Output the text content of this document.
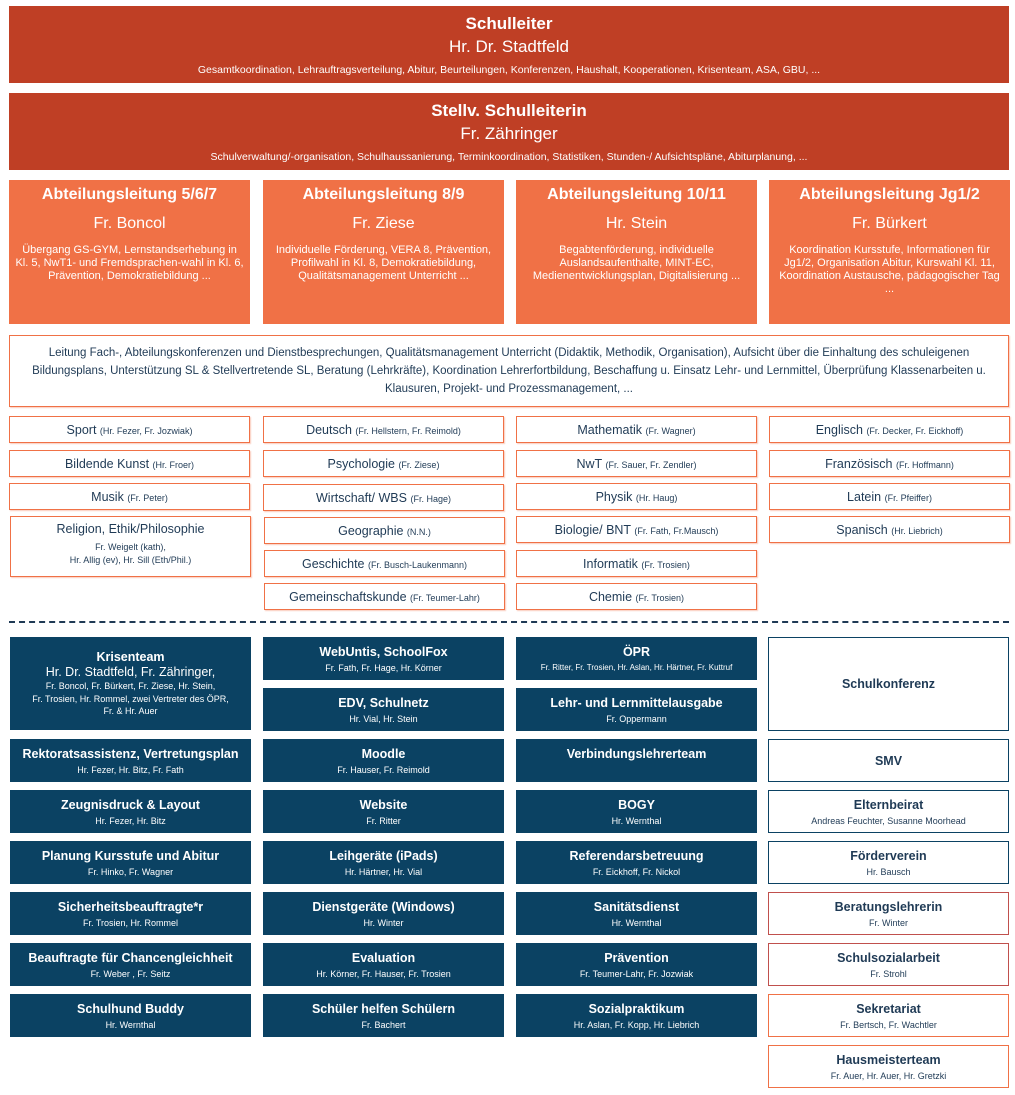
Schulleiter
Hr. Dr. Stadtfeld
Gesamtkoordination, Lehrauftragsverteilung, Abitur, Beurteilungen, Konferenzen, Haushalt, Kooperationen, Krisenteam, ASA, GBU, ...
Stellv. Schulleiterin
Fr. Zähringer
Schulverwaltung/-organisation, Schulhaussanierung, Terminkoordination, Statistiken, Stunden-/ Aufsichtspläne, Abiturplanung, ...
Abteilungsleitung 5/6/7
Fr. Boncol
Übergang GS-GYM, Lernstandserhebung in Kl. 5, NwT1- und Fremdsprachen-wahl in Kl. 6, Prävention, Demokratiebildung ...
Abteilungsleitung 8/9
Fr. Ziese
Individuelle Förderung, VERA 8, Prävention, Profilwahl in Kl. 8, Demokratiebildung, Qualitätsmanagement Unterricht ...
Abteilungsleitung 10/11
Hr. Stein
Begabtenförderung, individuelle Auslandsaufenthalte, MINT-EC, Medienentwicklungsplan, Digitalisierung ...
Abteilungsleitung Jg1/2
Fr. Bürkert
Koordination Kursstufe, Informationen für Jg1/2, Organisation Abitur, Kurswahl Kl. 11, Koordination Austausche, pädagogischer Tag ...
Leitung Fach-, Abteilungskonferenzen und Dienstbesprechungen, Qualitätsmanagement Unterricht (Didaktik, Methodik, Organisation), Aufsicht über die Einhaltung des schuleigenen Bildungsplans, Unterstützung SL & Stellvertretende SL, Beratung (Lehrkräfte), Koordination Lehrerfortbildung, Beschaffung u. Einsatz Lehr- und Lernmittel, Überprüfung Klassenarbeiten u. Klausuren, Projekt- und Prozessmanagement, ...
Sport (Hr. Fezer, Fr. Jozwiak)
Bildende Kunst (Hr. Froer)
Musik (Fr. Peter)
Religion, Ethik/Philosophie
Fr. Weigelt (kath),
Hr. Allig (ev), Hr. Sill (Eth/Phil.)
Deutsch (Fr. Hellstern, Fr. Reimold)
Psychologie (Fr. Ziese)
Wirtschaft/ WBS (Fr. Hage)
Geographie (N.N.)
Geschichte (Fr. Busch-Laukenmann)
Gemeinschaftskunde (Fr. Teumer-Lahr)
Mathematik (Fr. Wagner)
NwT (Fr. Sauer, Fr. Zendler)
Physik (Hr. Haug)
Biologie/ BNT (Fr. Fath, Fr.Mausch)
Informatik (Fr. Trosien)
Chemie (Fr. Trosien)
Englisch (Fr. Decker, Fr. Eickhoff)
Französisch (Fr. Hoffmann)
Latein (Fr. Pfeiffer)
Spanisch (Hr. Liebrich)
Krisenteam
Hr. Dr. Stadtfeld, Fr. Zähringer,
Fr. Boncol, Fr. Bürkert, Fr. Ziese, Hr. Stein,
Fr. Trosien, Hr. Rommel, zwei Vertreter des ÖPR,
Fr. & Hr. Auer
Rektoratsassistenz, Vertretungsplan
Hr. Fezer, Hr. Bitz, Fr. Fath
Zeugnisdruck & Layout
Hr. Fezer, Hr. Bitz
Planung Kursstufe und Abitur
Fr. Hinko, Fr. Wagner
Sicherheitsbeauftragte*r
Fr. Trosien, Hr. Rommel
Beauftragte für Chancengleichheit
Fr. Weber , Fr. Seitz
Schulhund Buddy
Hr. Wernthal
WebUntis, SchoolFox
Fr. Fath, Fr. Hage, Hr. Körner
EDV, Schulnetz
Hr. Vial, Hr. Stein
Moodle
Fr. Hauser, Fr. Reimold
Website
Fr. Ritter
Leihgeräte (iPads)
Hr. Härtner, Hr. Vial
Dienstgeräte (Windows)
Hr. Winter
Evaluation
Hr. Körner, Fr. Hauser, Fr. Trosien
Schüler helfen Schülern
Fr. Bachert
ÖPR
Fr. Ritter, Fr. Trosien, Hr. Aslan, Hr. Härtner, Fr. Kuttruf
Lehr- und Lernmittelausgabe
Fr. Oppermann
Verbindungslehrerteam
BOGY
Hr. Wernthal
Referendarsbetreuung
Fr. Eickhoff, Fr. Nickol
Sanitätsdienst
Hr. Wernthal
Prävention
Fr. Teumer-Lahr, Fr. Jozwiak
Sozialpraktikum
Hr. Aslan, Fr. Kopp, Hr. Liebrich
Schulkonferenz
SMV
Elternbeirat
Andreas Feuchter, Susanne Moorhead
Förderverein
Hr. Bausch
Beratungslehrerin
Fr. Winter
Schulsozialarbeit
Fr. Strohl
Sekretariat
Fr. Bertsch, Fr. Wachtler
Hausmeisterteam
Fr. Auer, Hr. Auer, Hr. Gretzki
